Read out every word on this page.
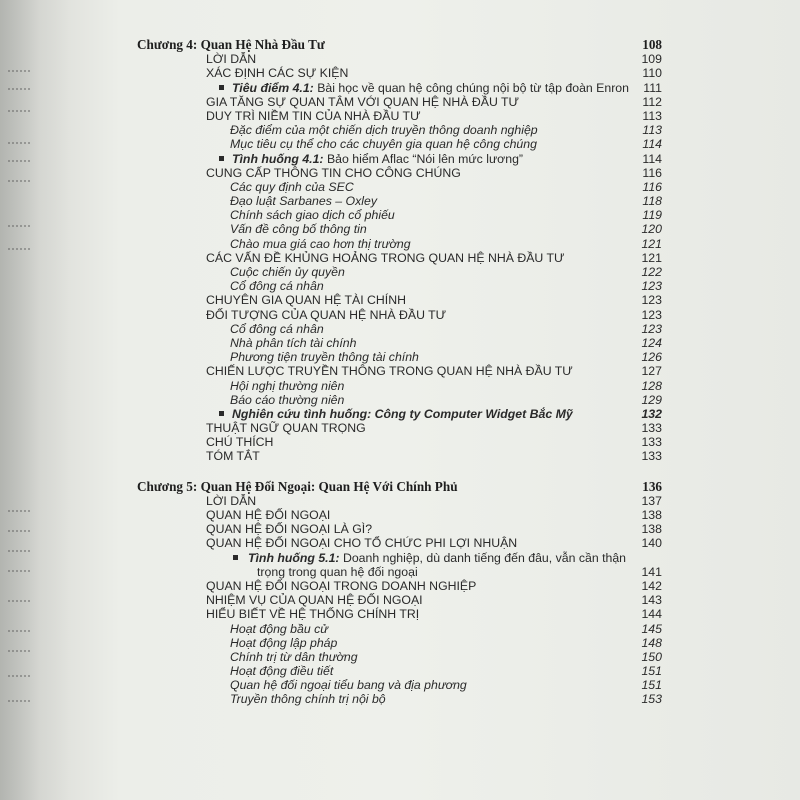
Chương 4: Quan Hệ Nhà Đầu Tư	108
LỜI DẪN	109
XÁC ĐỊNH CÁC SỰ KIỆN	110
Tiêu điểm 4.1: Bài học về quan hệ công chúng nội bộ từ tập đoàn Enron 111
GIA TĂNG SỰ QUAN TÂM VỚI QUAN HỆ NHÀ ĐẦU TƯ	112
DUY TRÌ NIỀM TIN CỦA NHÀ ĐẦU TƯ	113
Đặc điểm của một chiến dịch truyền thông doanh nghiệp	113
Mục tiêu cụ thể cho các chuyên gia quan hệ công chúng	114
Tình huống 4.1: Bảo hiểm Aflac “Nói lên mức lương”	114
CUNG CẤP THÔNG TIN CHO CÔNG CHÚNG	116
Các quy định của SEC	116
Đạo luật Sarbanes – Oxley	118
Chính sách giao dịch cổ phiếu	119
Vấn đề công bố thông tin	120
Chào mua giá cao hơn thị trường	121
CÁC VẤN ĐỀ KHỦNG HOẢNG TRONG QUAN HỆ NHÀ ĐẦU TƯ	121
Cuộc chiến ủy quyền	122
Cổ đông cá nhân	123
CHUYÊN GIA QUAN HỆ TÀI CHÍNH	123
ĐỐI TƯỢNG CỦA QUAN HỆ NHÀ ĐẦU TƯ	123
Cổ đông cá nhân	123
Nhà phân tích tài chính	124
Phương tiện truyền thông tài chính	126
CHIẾN LƯỢC TRUYỀN THÔNG TRONG QUAN HỆ NHÀ ĐẦU TƯ	127
Hội nghị thường niên	128
Báo cáo thường niên	129
Nghiên cứu tình huống: Công ty Computer Widget Bắc Mỹ	132
THUẬT NGỮ QUAN TRỌNG	133
CHÚ THÍCH	133
TÓM TẮT	133
Chương 5: Quan Hệ Đối Ngoại: Quan Hệ Với Chính Phủ	136
LỜI DẪN	137
QUAN HỆ ĐỐI NGOẠI	138
QUAN HỆ ĐỐI NGOẠI LÀ GÌ?	138
QUAN HỆ ĐỐI NGOẠI CHO TỔ CHỨC PHI LỢI NHUẬN	140
Tình huống 5.1: Doanh nghiệp, dù danh tiếng đến đâu, vẫn cần thận
trọng trong quan hệ đối ngoại	141
QUAN HỆ ĐỐI NGOẠI TRONG DOANH NGHIỆP	142
NHIỆM VỤ CỦA QUAN HỆ ĐỐI NGOẠI	143
HIỂU BIẾT VỀ HỆ THỐNG CHÍNH TRỊ	144
Hoạt động bầu cử	145
Hoạt động lập pháp	148
Chính trị từ dân thường	150
Hoạt động điều tiết	151
Quan hệ đối ngoại tiểu bang và địa phương	151
Truyền thông chính trị nội bộ	153
